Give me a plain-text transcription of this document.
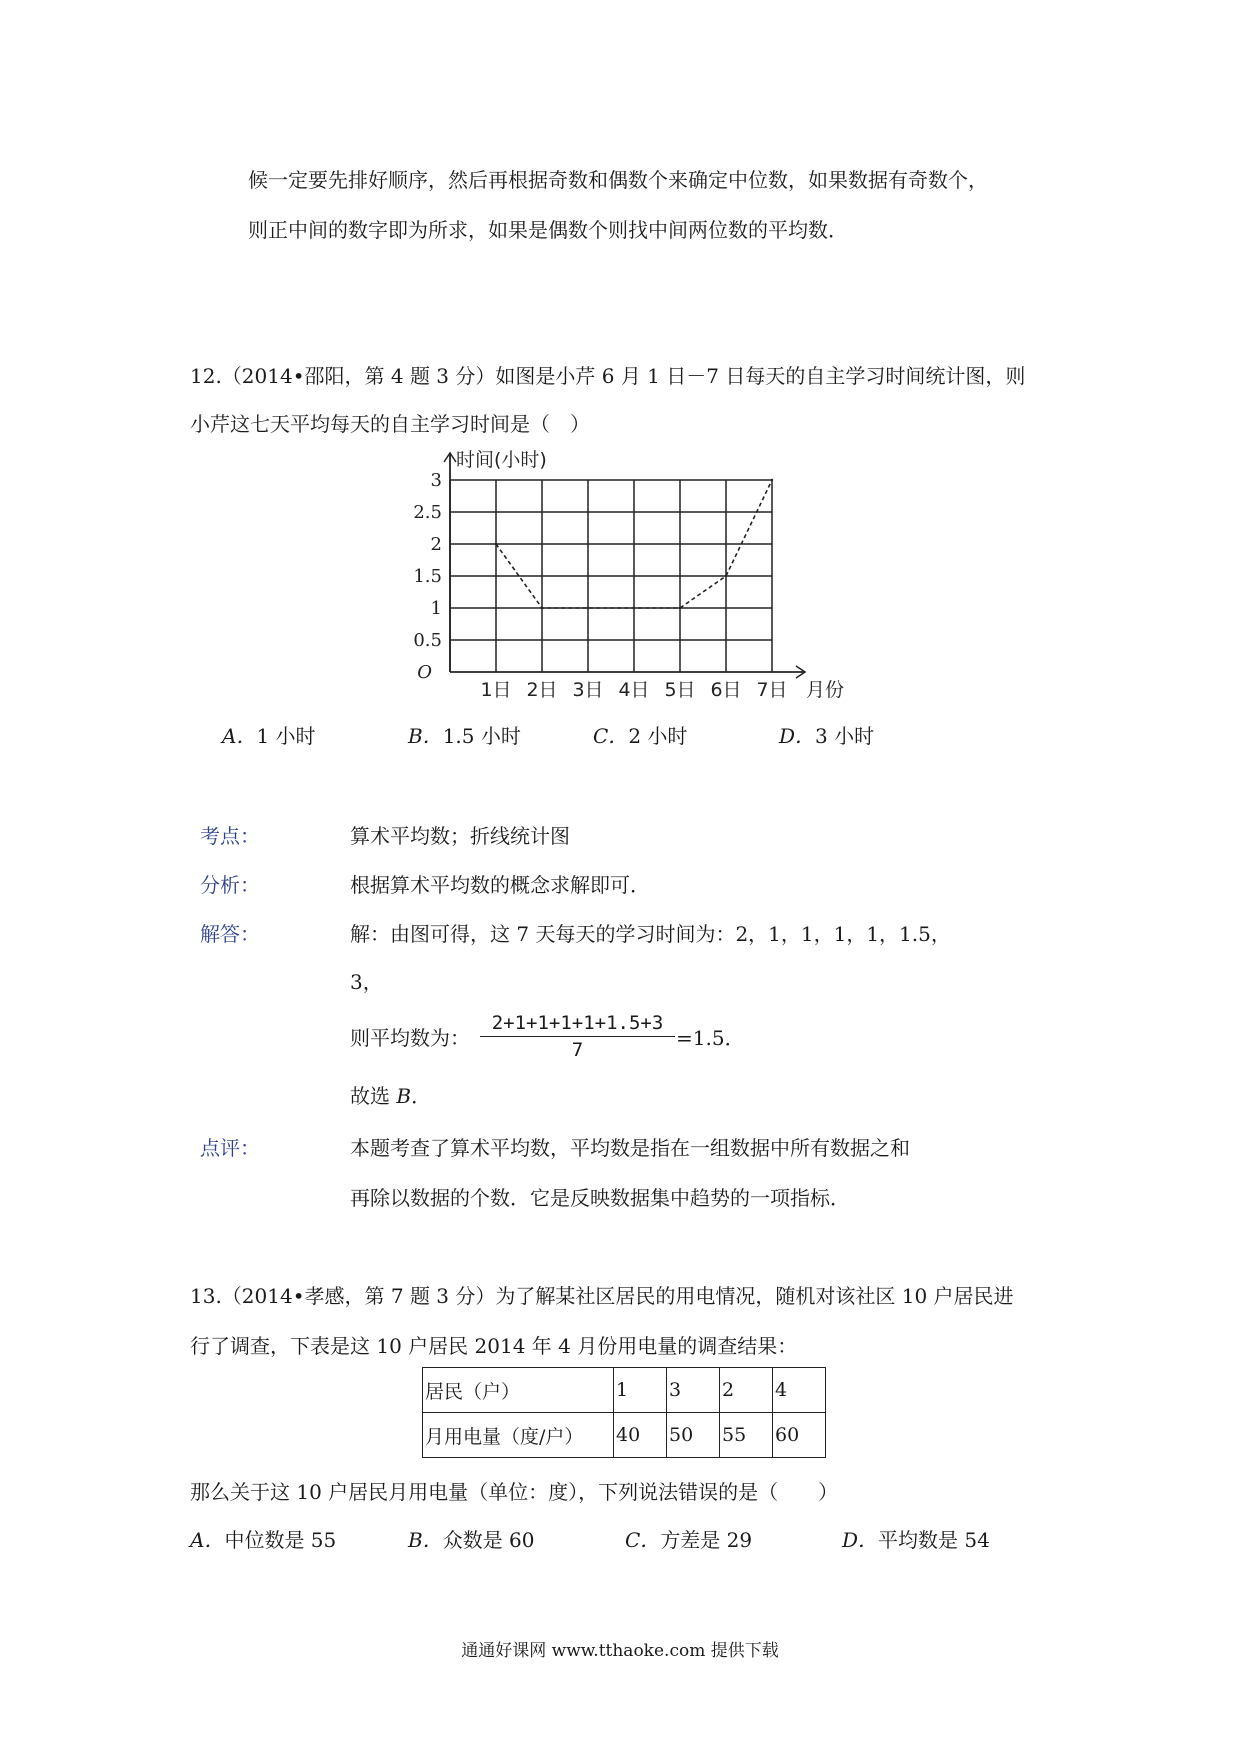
候一定要先排好顺序，然后再根据奇数和偶数个来确定中位数，如果数据有奇数个，
则正中间的数字即为所求，如果是偶数个则找中间两位数的平均数．
12.（2014•邵阳，第 4 题 3 分）如图是小芹 6 月 1 日－7 日每天的自主学习时间统计图，则
小芹这七天平均每天的自主学习时间是（　）
0.5
1
1.5
2
2.5
3
O
时间(小时)
月份
1日 2日 3日 4日 5日 6日 7日
A．1 小时	B．1.5 小时	C．2 小时	D．3 小时
考点：	算术平均数；折线统计图
分析：	根据算术平均数的概念求解即可．
解答：	解：由图可得，这 7 天每天的学习时间为：2，1，1，1，1，1.5，
3，
则平均数为： $\frac{2+1+1+1+1+1.5+3}{7} =1.5$．
故选 B．
点评：	本题考查了算术平均数，平均数是指在一组数据中所有数据之和
再除以数据的个数．它是反映数据集中趋势的一项指标．
13.（2014•孝感，第 7 题 3 分）为了解某社区居民的用电情况，随机对该社区 10 户居民进
行了调查，下表是这 10 户居民 2014 年 4 月份用电量的调查结果：
居民（户）	1	3	2	4
月用电量（度/户）	40	50	55	60
那么关于这 10 户居民月用电量（单位：度），下列说法错误的是（　　）
A．中位数是 55	B．众数是 60	C．方差是 29	D．平均数是 54
通通好课网 www.tthaoke.com 提供下载
